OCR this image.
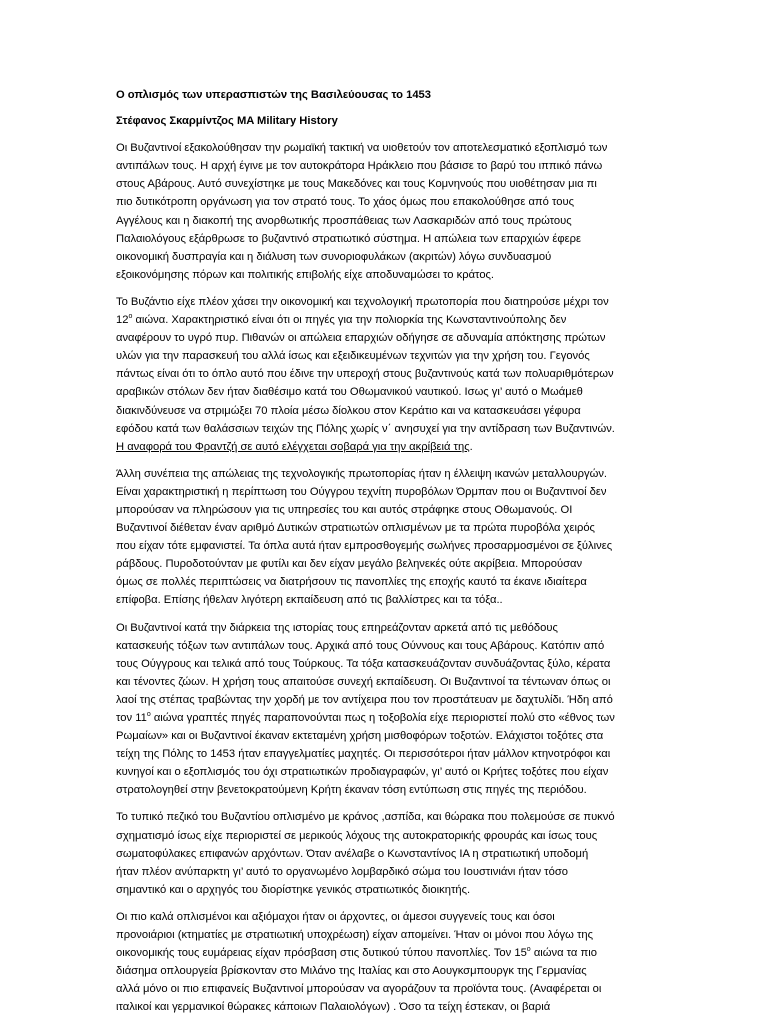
Ο οπλισμός των υπερασπιστών της Βασιλεύουσας το 1453
Στέφανος Σκαρμίντζος MA Military History
Οι Βυζαντινοί εξακολούθησαν την ρωμαϊκή τακτική να υιοθετούν τον αποτελεσματικό εξοπλισμό των
αντιπάλων τους. Η αρχή έγινε με τον αυτοκράτορα Ηράκλειο που βάσισε το βαρύ του ιππικό πάνω
στους Αβάρους. Αυτό συνεχίστηκε με τους Μακεδόνες και τους Κομνηνούς που υιοθέτησαν μια πι
πιο δυτικότροπη οργάνωση για τον στρατό τους. Το χάος όμως που επακολούθησε από τους
Αγγέλους και η διακοπή της ανορθωτικής προσπάθειας των Λασκαριδών από τους πρώτους
Παλαιολόγους εξάρθρωσε το βυζαντινό στρατιωτικό σύστημα. Η απώλεια των επαρχιών έφερε
οικονομική δυσπραγία και η διάλυση των συνοριοφυλάκων (ακριτών) λόγω συνδυασμού
εξοικονόμησης πόρων και πολιτικής επιβολής είχε αποδυναμώσει το κράτος.
Το Βυζάντιο είχε πλέον χάσει την οικονομική και τεχνολογική πρωτοπορία που διατηρούσε μέχρι τον
$12^o$ αιώνα. Χαρακτηριστικό είναι ότι οι πηγές για την πολιορκία της Κωνσταντινούπολης δεν
αναφέρουν το υγρό πυρ. Πιθανών οι απώλεια επαρχιών οδήγησε σε αδυναμία απόκτησης πρώτων
υλών για την παρασκευή του αλλά ίσως και εξειδικευμένων τεχνιτών για την χρήση του. Γεγονός
πάντως είναι ότι το όπλο αυτό που έδινε την υπεροχή στους βυζαντινούς κατά των πολυαριθμότερων
αραβικών στόλων δεν ήταν διαθέσιμο κατά του Οθωμανικού ναυτικού. Ισως γι’ αυτό ο Μωάμεθ
διακινδύνευσε να στριμώξει 70 πλοία μέσω δίολκου στον Κεράτιο και να κατασκευάσει γέφυρα
εφόδου κατά των θαλάσσιων τειχών της Πόλης χωρίς ν΄ ανησυχεί για την αντίδραση των Βυζαντινών.
Η αναφορά του Φραντζή σε αυτό ελέγχεται σοβαρά για την ακρίβειά της.
Άλλη συνέπεια της απώλειας της τεχνολογικής πρωτοπορίας ήταν η έλλειψη ικανών μεταλλουργών.
Είναι χαρακτηριστική η περίπτωση του Ούγγρου τεχνίτη πυροβόλων Όρμπαν που οι Βυζαντινοί δεν
μπορούσαν να πληρώσουν για τις υπηρεσίες του και αυτός στράφηκε στους Οθωμανούς. ΟΙ
Βυζαντινοί διέθεταν έναν αριθμό Δυτικών στρατιωτών οπλισμένων με τα πρώτα πυροβόλα χειρός
που είχαν τότε εμφανιστεί. Τα όπλα αυτά ήταν εμπροσθογεμής σωλήνες προσαρμοσμένοι σε ξύλινες
ράβδους. Πυροδοτούνταν με φυτίλι και δεν είχαν μεγάλο βεληνεκές ούτε ακρίβεια. Μπορούσαν
όμως σε πολλές περιπτώσεις να διατρήσουν τις πανοπλίες της εποχής καυτό τα έκανε ιδιαίτερα
επίφοβα. Επίσης ήθελαν λιγότερη εκπαίδευση από τις βαλλίστρες και τα τόξα..
Οι Βυζαντινοί κατά την διάρκεια της ιστορίας τους επηρεάζονταν αρκετά από τις μεθόδους
κατασκευής τόξων των αντιπάλων τους. Αρχικά από τους Ούννους και τους Αβάρους. Κατόπιν από
τους Ούγγρους και τελικά από τους Τούρκους. Τα τόξα κατασκευάζονταν συνδυάζοντας ξύλο, κέρατα
και τένοντες ζώων. Η χρήση τους απαιτούσε συνεχή εκπαίδευση. Οι Βυζαντινοί τα τέντωναν όπως οι
λαοί της στέπας τραβώντας την χορδή με τον αντίχειρα που τον προστάτευαν με δαχτυλίδι. Ήδη από
τον $11^o$ αιώνα γραπτές πηγές παραπονούνται πως η τοξοβολία είχε περιοριστεί πολύ στο «έθνος των
Ρωμαίων» και οι Βυζαντινοί έκαναν εκτεταμένη χρήση μισθοφόρων τοξοτών. Ελάχιστοι τοξότες στα
τείχη της Πόλης το 1453 ήταν επαγγελματίες μαχητές. Οι περισσότεροι ήταν μάλλον κτηνοτρόφοι και
κυνηγοί και ο εξοπλισμός του όχι στρατιωτικών προδιαγραφών, γι’ αυτό οι Κρήτες τοξότες που είχαν
στρατολογηθεί στην βενετοκρατούμενη Κρήτη έκαναν τόση εντύπωση στις πηγές της περιόδου.
Το τυπικό πεζικό του Βυζαντίου οπλισμένο με κράνος ,ασπίδα, και θώρακα που πολεμούσε σε πυκνό
σχηματισμό ίσως είχε περιοριστεί σε μερικούς λόχους της αυτοκρατορικής φρουράς και ίσως τους
σωματοφύλακες επιφανών αρχόντων. Όταν ανέλαβε ο Κωνσταντίνος ΙΑ η στρατιωτική υποδομή
ήταν πλέον ανύπαρκτη γι’ αυτό το οργανωμένο λομβαρδικό σώμα του Ιουστινιάνι ήταν τόσο
σημαντικό και ο αρχηγός του διορίστηκε γενικός στρατιωτικός διοικητής.
Οι πιο καλά οπλισμένοι και αξιόμαχοι ήταν οι άρχοντες, οι άμεσοι συγγενείς τους και όσοι
προνοιάριοι (κτηματίες με στρατιωτική υποχρέωση) είχαν απομείνει. Ήταν οι μόνοι που λόγω της
οικονομικής τους ευμάρειας είχαν πρόσβαση στις δυτικού τύπου πανοπλίες. Τον $15^o$ αιώνα τα πιο
διάσημα οπλουργεία βρίσκονταν στο Μιλάνο της Ιταλίας και στο Αουγκσμπουργκ της Γερμανίας
αλλά μόνο οι πιο επιφανείς Βυζαντινοί μπορούσαν να αγοράζουν τα προϊόντα τους. (Αναφέρεται οι
ιταλικοί και γερμανικοί θώρακες κάποιων Παλαιολόγων) . Όσο τα τείχη έστεκαν, οι βαριά
